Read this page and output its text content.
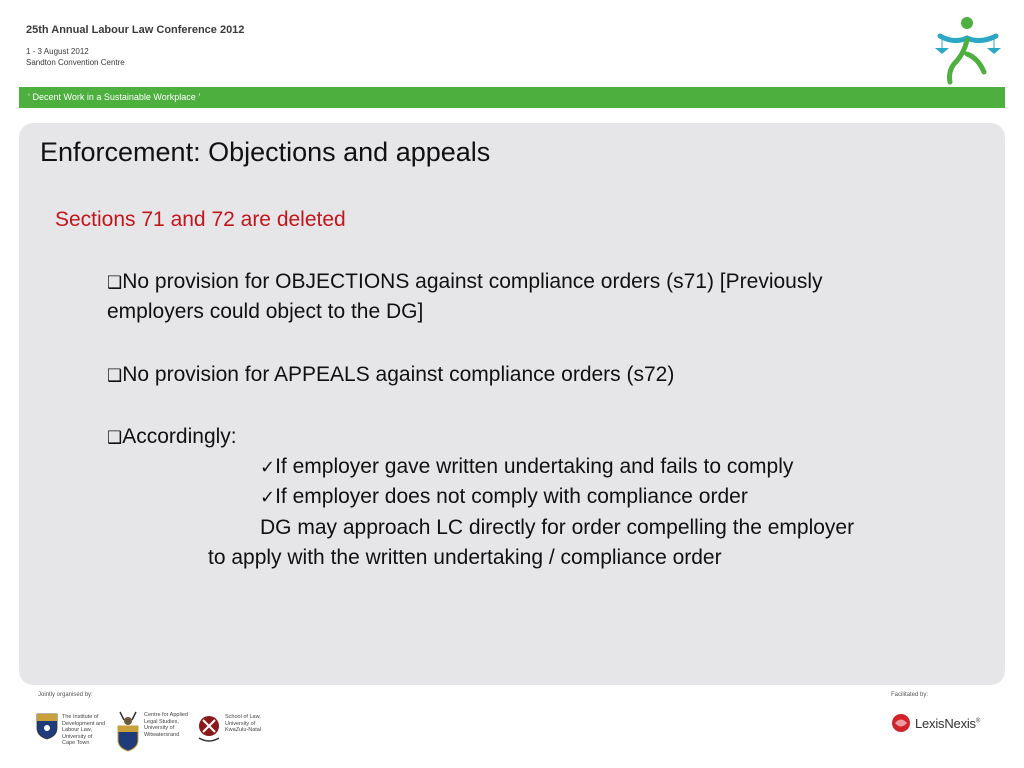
25th Annual Labour Law Conference 2012
1 - 3 August 2012
Sandton Convention Centre
‘ Decent Work in a Sustainable Workplace ’
Enforcement: Objections and appeals
Sections 71 and 72 are deleted
❑No provision for OBJECTIONS against compliance orders (s71) [Previously
employers could object to the DG]
❑No provision for APPEALS against compliance orders (s72)
❑Accordingly:
✓If employer gave written undertaking and fails to comply
✓If employer does not comply with compliance order
DG may approach LC directly for order compelling the employer
to apply with the written undertaking / compliance order
Jointly organised by:	Facilitated by:
The Institute of
Development and
Labour Law,
University of
Cape Town
Centre for Applied
Legal Studies,
University of
Witwatersrand
School of Law,
University of
KwaZulu-Natal	LexisNexis®
